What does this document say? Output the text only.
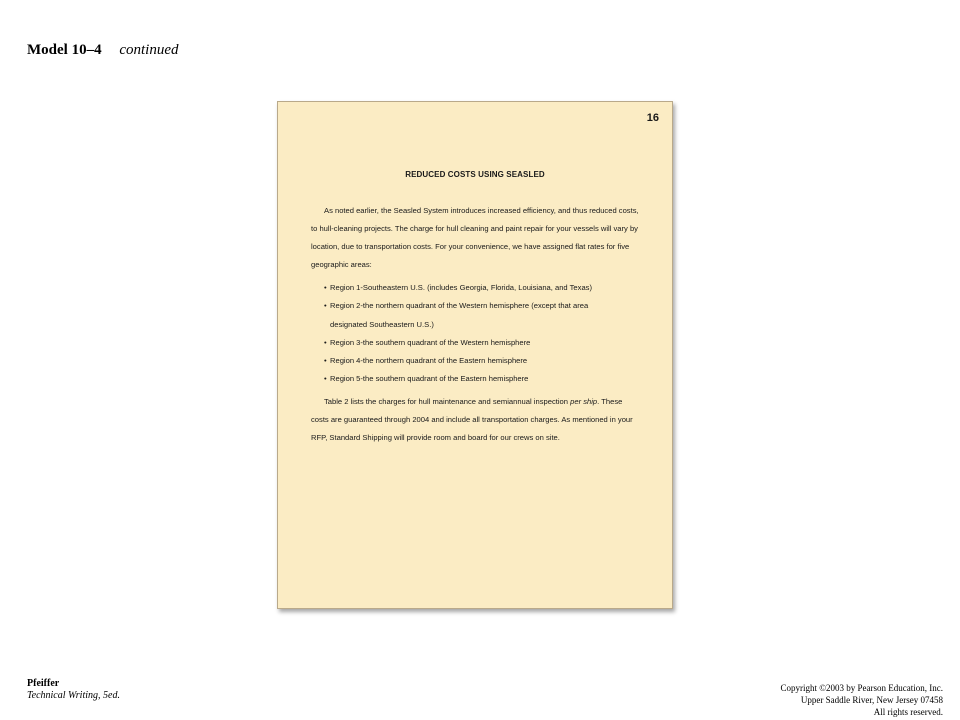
Model 10–4 continued
16
REDUCED COSTS USING SEASLED

As noted earlier, the Seasled System introduces increased efficiency, and thus reduced costs, to hull-cleaning projects. The charge for hull cleaning and paint repair for your vessels will vary by location, due to transportation costs. For your convenience, we have assigned flat rates for five geographic areas:

• Region 1-Southeastern U.S. (includes Georgia, Florida, Louisiana, and Texas)
• Region 2-the northern quadrant of the Western hemisphere (except that area
designated Southeastern U.S.)
• Region 3-the southern quadrant of the Western hemisphere
• Region 4-the northern quadrant of the Eastern hemisphere
• Region 5-the southern quadrant of the Eastern hemisphere

Table 2 lists the charges for hull maintenance and semiannual inspection per ship. These costs are guaranteed through 2004 and include all transportation charges. As mentioned in your RFP, Standard Shipping will provide room and board for our crews on site.

Pfeiffer
Technical Writing, 5ed.
Copyright ©2003 by Pearson Education, Inc.
Upper Saddle River, New Jersey 07458
All rights reserved.
